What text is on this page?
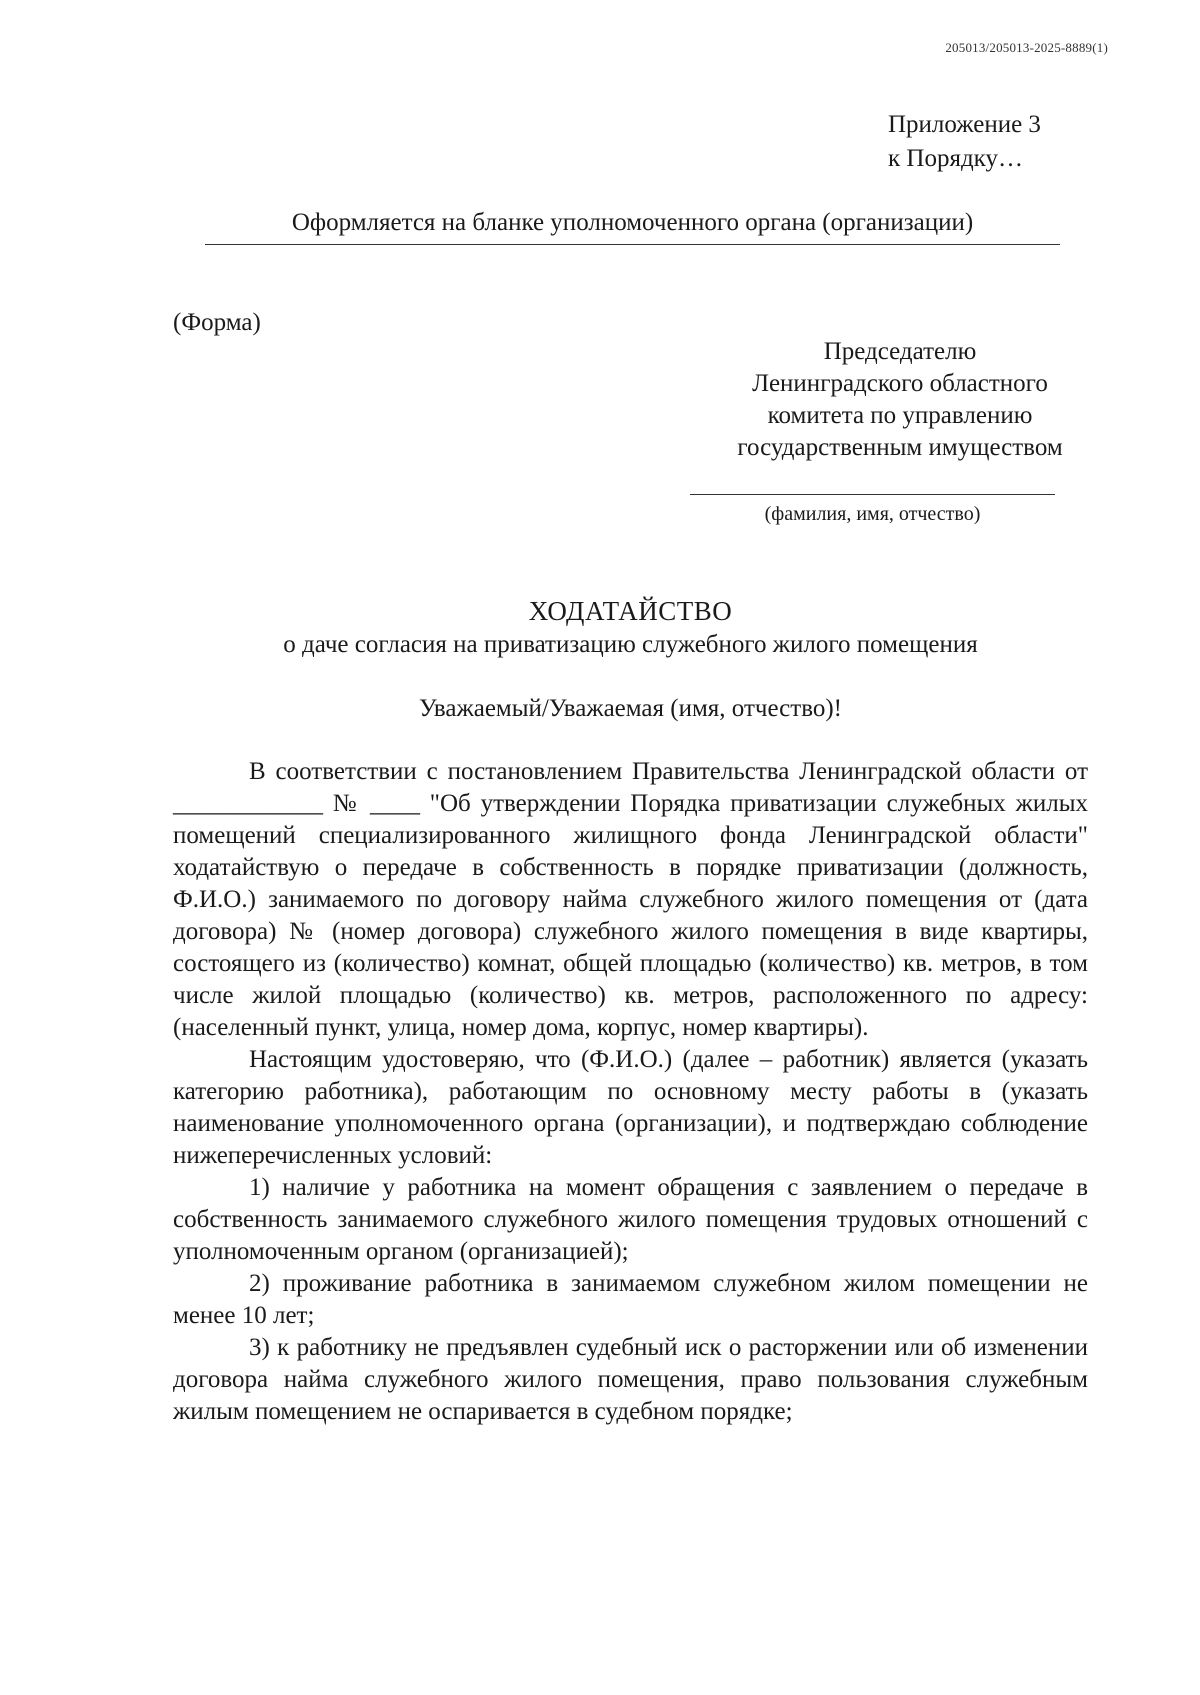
205013/205013-2025-8889(1)
Приложение 3
к Порядку…
Оформляется на бланке уполномоченного органа (организации)
(Форма)
Председателю
Ленинградского областного
комитета по управлению
государственным имуществом
(фамилия, имя, отчество)
ХОДАТАЙСТВО
о даче согласия на приватизацию служебного жилого помещения
Уважаемый/Уважаемая (имя, отчество)!

В соответствии с постановлением Правительства Ленинградской области от ____________ № ____ "Об утверждении Порядка приватизации служебных жилых помещений специализированного жилищного фонда Ленинградской области" ходатайствую о передаче в собственность в порядке приватизации (должность, Ф.И.О.) занимаемого по договору найма служебного жилого помещения от (дата договора) № (номер договора) служебного жилого помещения в виде квартиры, состоящего из (количество) комнат, общей площадью (количество) кв. метров, в том числе жилой площадью (количество) кв. метров, расположенного по адресу: (населенный пункт, улица, номер дома, корпус, номер квартиры).

Настоящим удостоверяю, что (Ф.И.О.) (далее – работник) является (указать категорию работника), работающим по основному месту работы в (указать наименование уполномоченного органа (организации), и подтверждаю соблюдение нижеперечисленных условий:

1) наличие у работника на момент обращения с заявлением о передаче в собственность занимаемого служебного жилого помещения трудовых отношений с уполномоченным органом (организацией);

2) проживание работника в занимаемом служебном жилом помещении не менее 10 лет;

3) к работнику не предъявлен судебный иск о расторжении или об изменении договора найма служебного жилого помещения, право пользования служебным жилым помещением не оспаривается в судебном порядке;
